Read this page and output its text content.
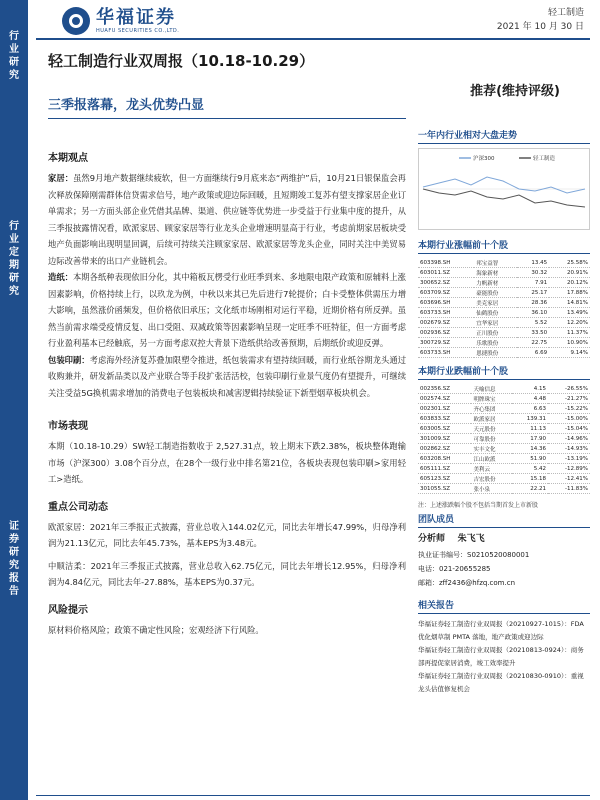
行
业
研
究
行
业
定
期
研
究
证
券
研
究
报
告
华福证券
HUAFU SECURITIES CO.,LTD.
轻工制造
2021 年 10 月 30 日
轻工制造行业双周报（10.18-10.29）
推荐(维持评级)
三季报落幕，龙头优势凸显
本期观点

家居：虽然9月地产数据继续疲软，但一方面继续行9月底来态“两维护”后，10月21日银保监会再次释放保障刚需群体信贷需求信号，地产政策或迎边际回暖，且短期竣工复苏有望支撑家居企业订单需求；另一方面头部企业凭借其品牌、渠道、供应链等优势进一步受益于行业集中度的提升，从三季报披露情况看，欧派家居、顾家家居等行业龙头企业增速明显高于行业，考虑前期家居板块受地产负面影响出现明显回调，后续可持续关注顾家家居、欧派家居等龙头企业，同时关注中美贸易边际改善带来的出口产业链机会。

造纸：本期各纸种表现依旧分化，其中箱板瓦楞受行业旺季到来、多地限电限产政策和原辅料上涨因素影响，价格持续上行，以玖龙为例，中秋以来其已先后进行7轮提价；白卡受整体供需压力增大影响，虽然涨价函频发，但价格依旧承压；文化纸市场刚相对运行平稳，近期价格有所反弹。虽然当前需求端受疫情反复、出口受阻、双减政策等因素影响呈现一定旺季不旺特征，但一方面考虑行业盈利基本已经触底，另一方面考虑双控大背景下造纸供给改善预期，后期纸价或迎反弹。

包装印刷：考虑海外经济复苏叠加限塑令推进，纸包装需求有望持续回暖，而行业纸谷期龙头通过收购兼并，研发新品类以及产业联合等手段扩张活活校，包装印刷行业景气度仍有望提升，可继续关注受益5G换机需求增加的消费电子包装板块和减害逻辑持续验证下新型烟草板块机会。

市场表现

本期（10.18-10.29）SW轻工制造指数收于 2,527.31点，较上期末下跌2.38%，板块整体跑输市场（沪深300）3.08个百分点，在28个一级行业中排名第21位，各板块表现包装印刷>家用轻工>造纸。

重点公司动态

欧派家居：2021年三季报正式披露，营业总收入144.02亿元，同比去年增长47.99%，归母净利润为21.13亿元，同比去年45.73%，基本EPS为3.48元。

中顺洁柔：2021年三季报正式披露，营业总收入62.75亿元，同比去年增长12.95%，归母净利润为4.84亿元，同比去年-27.88%，基本EPS为0.37元。

风险提示

原材料价格风险；政策不确定性风险；宏观经济下行风险。

一年内行业相对大盘走势
沪深300	轻工制造
本期行业涨幅前十个股
603398.SH	邦宝益智	13.45	25.58%
603011.SZ	海象新材	30.32	20.91%
300652.SZ	力帆新材	7.91	20.12%
603709.SZ	豪能股份	25.17	17.88%
603696.SH	美克家居	28.36	14.81%
603733.SH	仙鹤股份	36.10	13.49%
002679.SZ	宜华家居	5.52	12.20%
002936.SZ	正川股份	33.50	11.37%
300729.SZ	乐歌股份	22.75	10.90%
603733.SH	恩捷股份	6.69	9.14%
本期行业跌幅前十个股
002356.SZ	天喻信息	4.15	-26.55%
002574.SZ	明牌珠宝	4.48	-21.27%
002301.SZ	齐心集团	6.63	-15.22%
603833.SZ	欧派家居	139.31	-15.00%
603005.SZ	天元股份	11.13	-15.04%
301009.SZ	可靠股份	17.90	-14.96%
002862.SZ	实丰文化	14.36	-14.93%
603208.SH	江山欧派	51.90	-13.19%
605111.SZ	美利云	5.42	-12.89%
605123.SZ	吉宏股份	15.18	-12.41%
301055.SZ	张小泉	22.21	-11.83%
注：上述涨跌幅个股不包括当期首发上市新股
团队成员
分析师 朱飞飞
执业证书编号：S0210520080001
电话：021-20655285
邮箱：zff2436@hfzq.com.cn
相关报告
华福证券轻工制造行业双周报（20210927-1015）：FDA 优化烟草制 PMTA 落地，地产政策或迎边际
华福证券轻工制造行业双周报（20210813-0924）：商务部再提促家居消费，竣工效率提升
华福证券轻工制造行业双周报（20210830-0910）：重视龙头估值修复机会
